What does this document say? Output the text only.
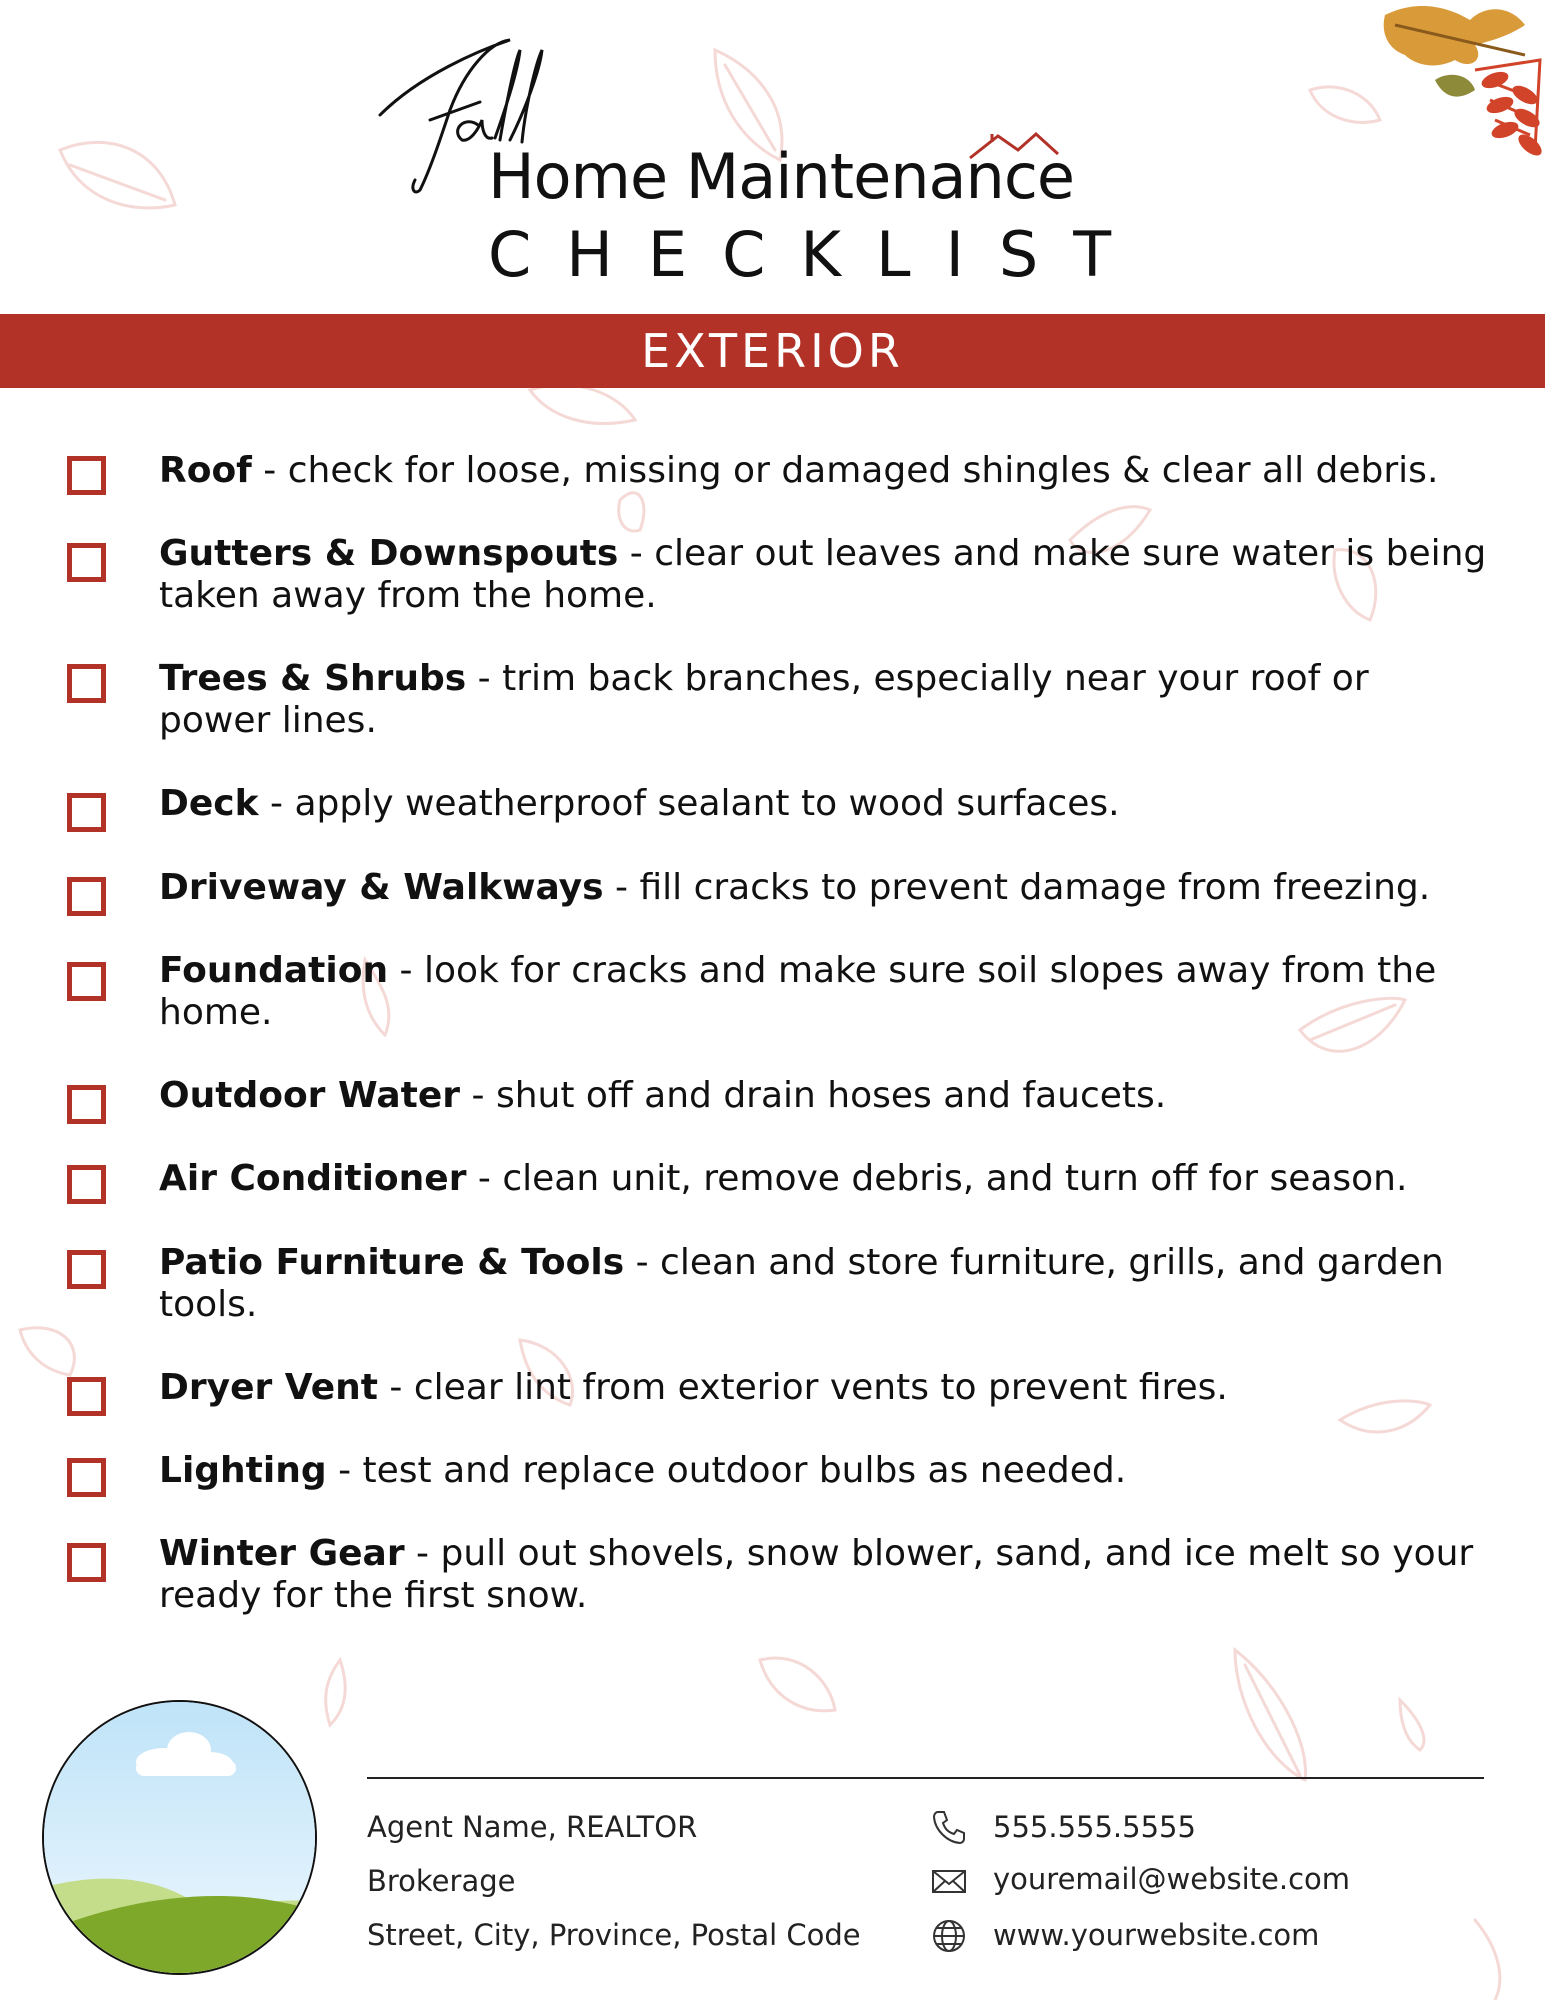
Home Maintenance
CHECKLIST
EXTERIOR
Roof - check for loose, missing or damaged shingles & clear all debris.
Gutters & Downspouts - clear out leaves and make sure water is being taken away from the home.
Trees & Shrubs - trim back branches, especially near your roof or power lines.
Deck - apply weatherproof sealant to wood surfaces.
Driveway & Walkways - fill cracks to prevent damage from freezing.
Foundation - look for cracks and make sure soil slopes away from the home.
Outdoor Water - shut off and drain hoses and faucets.
Air Conditioner - clean unit, remove debris, and turn off for season.
Patio Furniture & Tools - clean and store furniture, grills, and garden tools.
Dryer Vent - clear lint from exterior vents to prevent fires.
Lighting - test and replace outdoor bulbs as needed.
Winter Gear - pull out shovels, snow blower, sand, and ice melt so your ready for the first snow.
Agent Name, REALTOR
Brokerage
Street, City, Province, Postal Code
555.555.5555
youremail@website.com
www.yourwebsite.com
